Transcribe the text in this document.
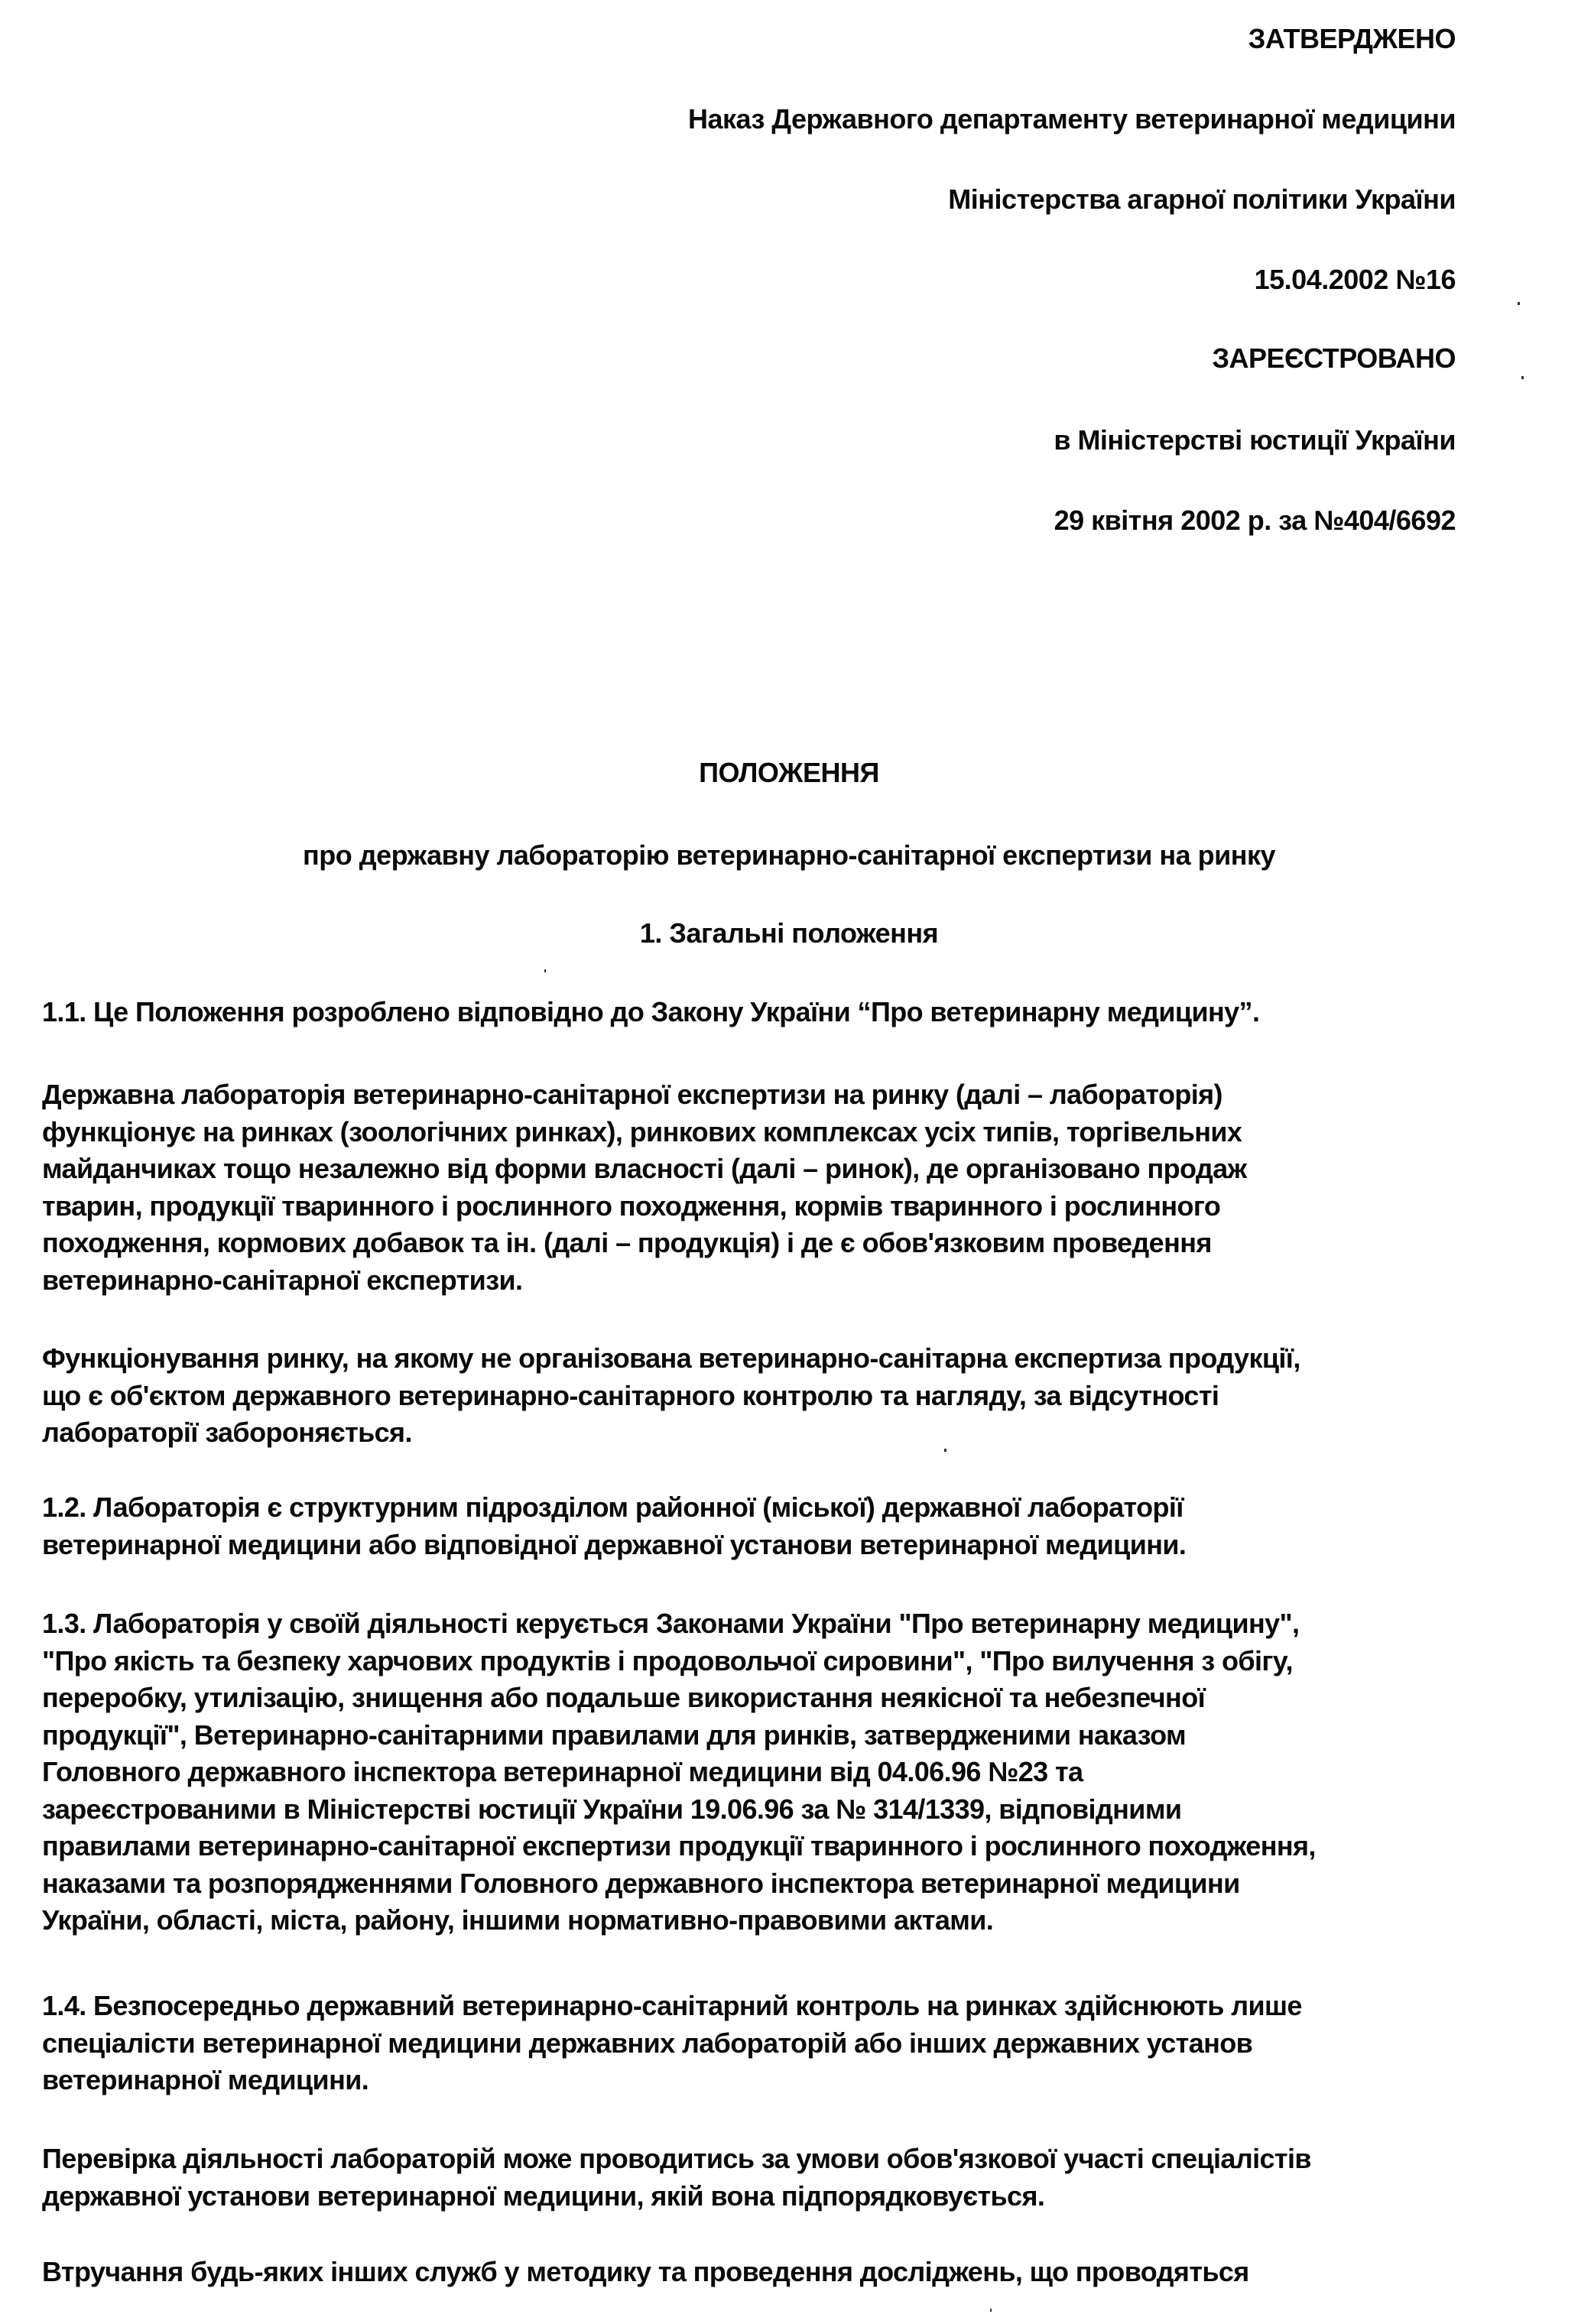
ЗАТВЕРДЖЕНО
Наказ Державного департаменту ветеринарної медицини
Міністерства агарної політики України
15.04.2002 №16
ЗАРЕЄСТРОВАНО
в Міністерстві юстиції України
29 квітня 2002 р. за №404/6692
ПОЛОЖЕННЯ
про державну лабораторію ветеринарно-санітарної експертизи на ринку
1. Загальні положення
1.1. Це Положення розроблено відповідно до Закону України “Про ветеринарну медицину”.
Державна лабораторія ветеринарно-санітарної експертизи на ринку (далі – лабораторія)
функціонує на ринках (зоологічних ринках), ринкових комплексах усіх типів, торгівельних
майданчиках тощо незалежно від форми власності (далі – ринок), де організовано продаж
тварин, продукції тваринного і рослинного походження, кормів тваринного і рослинного
походження, кормових добавок та ін. (далі – продукція) і де є обов'язковим проведення
ветеринарно-санітарної експертизи.
Функціонування ринку, на якому не організована ветеринарно-санітарна експертиза продукції,
що є об'єктом державного ветеринарно-санітарного контролю та нагляду, за відсутності
лабораторії забороняється.
1.2. Лабораторія є структурним підрозділом районної (міської) державної лабораторії
ветеринарної медицини або відповідної державної установи ветеринарної медицини.
1.3. Лабораторія у своїй діяльності керується Законами України "Про ветеринарну медицину",
"Про якість та безпеку харчових продуктів і продовольчої сировини", "Про вилучення з обігу,
переробку, утилізацію, знищення або подальше використання неякісної та небезпечної
продукції", Ветеринарно-санітарними правилами для ринків, затвердженими наказом
Головного державного інспектора ветеринарної медицини від 04.06.96 №23 та
зареєстрованими в Міністерстві юстиції України 19.06.96 за № 314/1339, відповідними
правилами ветеринарно-санітарної експертизи продукції тваринного і рослинного походження,
наказами та розпорядженнями Головного державного інспектора ветеринарної медицини
України, області, міста, району, іншими нормативно-правовими актами.
1.4. Безпосередньо державний ветеринарно-санітарний контроль на ринках здійснюють лише
спеціалісти ветеринарної медицини державних лабораторій або інших державних установ
ветеринарної медицини.
Перевірка діяльності лабораторій може проводитись за умови обов'язкової участі спеціалістів
державної установи ветеринарної медицини, якій вона підпорядковується.
Втручання будь-яких інших служб у методику та проведення досліджень, що проводяться
